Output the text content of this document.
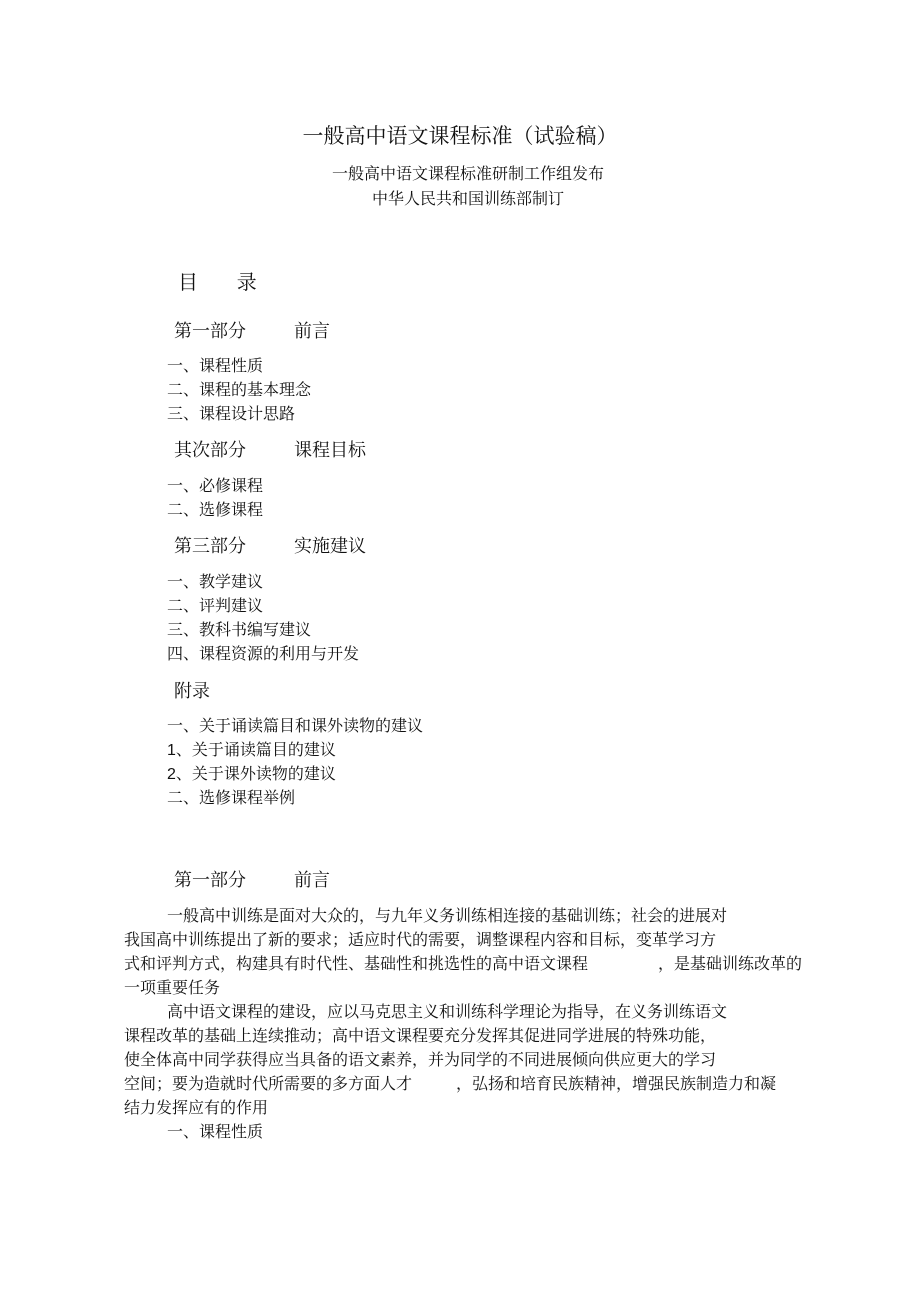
一般高中语文课程标准（试验稿）
一般高中语文课程标准研制工作组发布
中华人民共和国训练部制订
目 录
第一部分	前言
一、课程性质
二、课程的基本理念
三、课程设计思路
其次部分	课程目标
一、必修课程
二、选修课程
第三部分	实施建议
一、教学建议
二、评判建议
三、教科书编写建议
四、课程资源的利用与开发
附录
一、关于诵读篇目和课外读物的建议
1、关于诵读篇目的建议
2、关于课外读物的建议
二、选修课程举例
第一部分	前言
一般高中训练是面对大众的，与九年义务训练相连接的基础训练；社会的进展对
我国高中训练提出了新的要求；适应时代的需要，调整课程内容和目标，变革学习方
式和评判方式，构建具有时代性、基础性和挑选性的高中语文课程	，是基础训练改革的
一项重要任务
高中语文课程的建设，应以马克思主义和训练科学理论为指导，在义务训练语文
课程改革的基础上连续推动；高中语文课程要充分发挥其促进同学进展的特殊功能，
使全体高中同学获得应当具备的语文素养，并为同学的不同进展倾向供应更大的学习
空间；要为造就时代所需要的多方面人才	，弘扬和培育民族精神，增强民族制造力和凝
结力发挥应有的作用
一、课程性质
